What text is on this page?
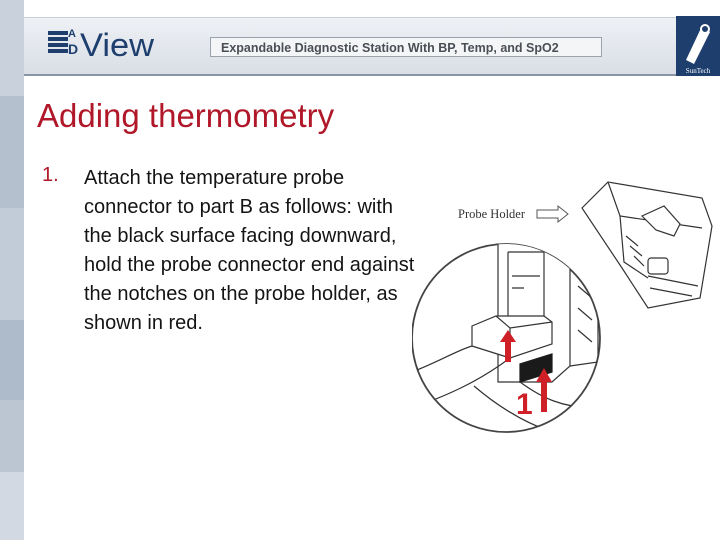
A
D View	Expandable Diagnostic Station With BP, Temp, and SpO2
SunTech
Adding thermometry
1. Attach the temperature probe connector to part B as follows: with the black surface facing downward, hold the probe connector end against the notches on the probe holder, as shown in red.
1
Probe Holder
